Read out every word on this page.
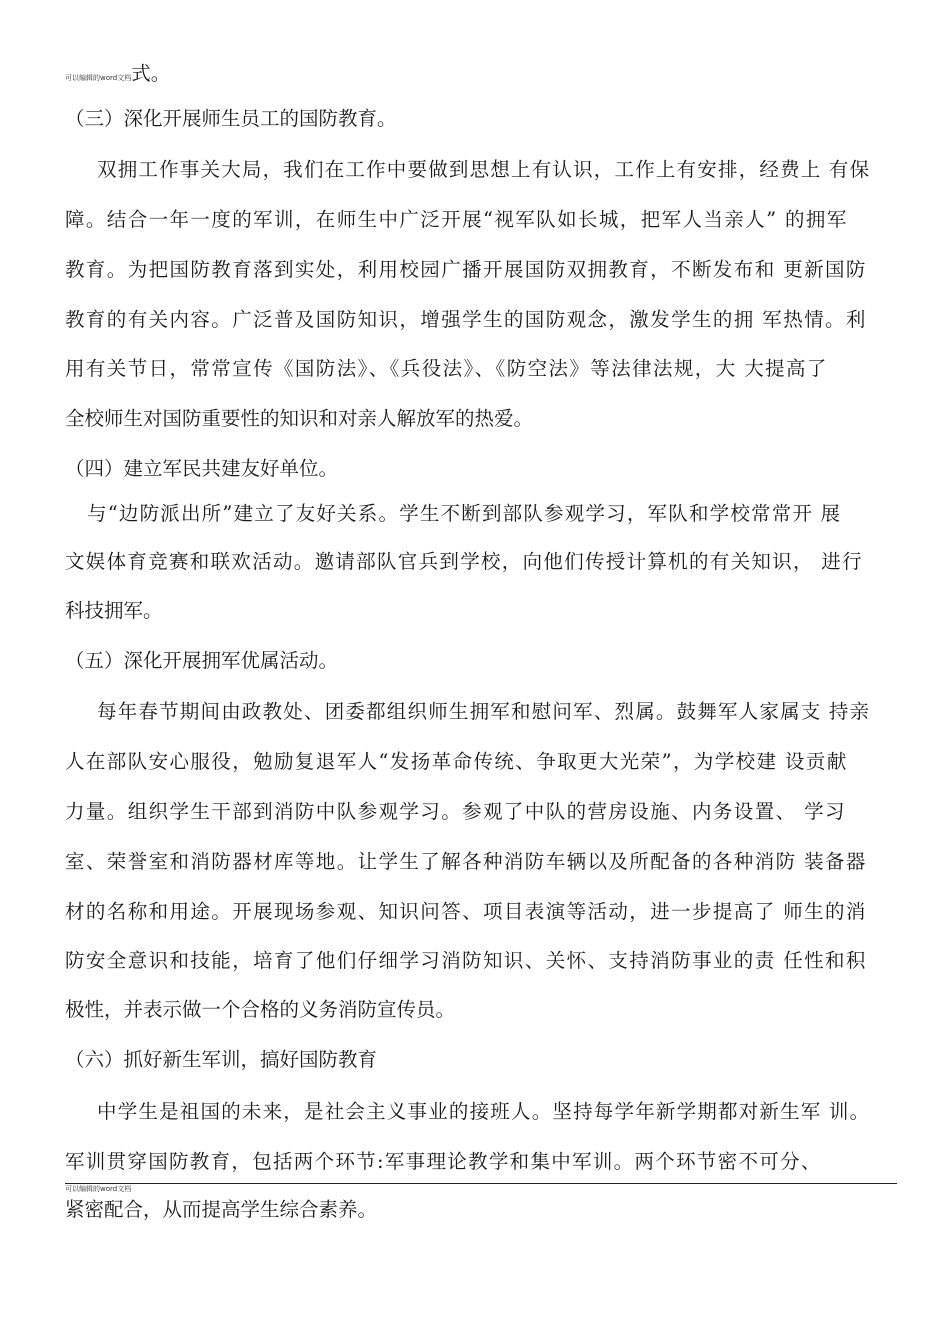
可以编辑的word文档式。
（三）深化开展师生员工的国防教育。
双拥工作事关大局，我们在工作中要做到思想上有认识，工作上有安排，经费上 有保
障。结合一年一度的军训，在师生中广泛开展“视军队如长城，把军人当亲人” 的拥军
教育。为把国防教育落到实处，利用校园广播开展国防双拥教育，不断发布和 更新国防
教育的有关内容。广泛普及国防知识，增强学生的国防观念，激发学生的拥 军热情。利
用有关节日，常常宣传《国防法》、《兵役法》、《防空法》等法律法规，大 大提高了
全校师生对国防重要性的知识和对亲人解放军的热爱。
（四）建立军民共建友好单位。
与“边防派出所”建立了友好关系。学生不断到部队参观学习，军队和学校常常开 展
文娱体育竞赛和联欢活动。邀请部队官兵到学校，向他们传授计算机的有关知识， 进行
科技拥军。
（五）深化开展拥军优属活动。
每年春节期间由政教处、团委都组织师生拥军和慰问军、烈属。鼓舞军人家属支 持亲
人在部队安心服役，勉励复退军人“发扬革命传统、争取更大光荣”，为学校建 设贡献
力量。组织学生干部到消防中队参观学习。参观了中队的营房设施、内务设置、 学习
室、荣誉室和消防器材库等地。让学生了解各种消防车辆以及所配备的各种消防 装备器
材的名称和用途。开展现场参观、知识问答、项目表演等活动，进一步提高了 师生的消
防安全意识和技能，培育了他们仔细学习消防知识、关怀、支持消防事业的责 任性和积
极性，并表示做一个合格的义务消防宣传员。
（六）抓好新生军训，搞好国防教育
中学生是祖国的未来，是社会主义事业的接班人。坚持每学年新学期都对新生军 训。
军训贯穿国防教育，包括两个环节:军事理论教学和集中军训。两个环节密不可分、
可以编辑的word文档
紧密配合，从而提高学生综合素养。
